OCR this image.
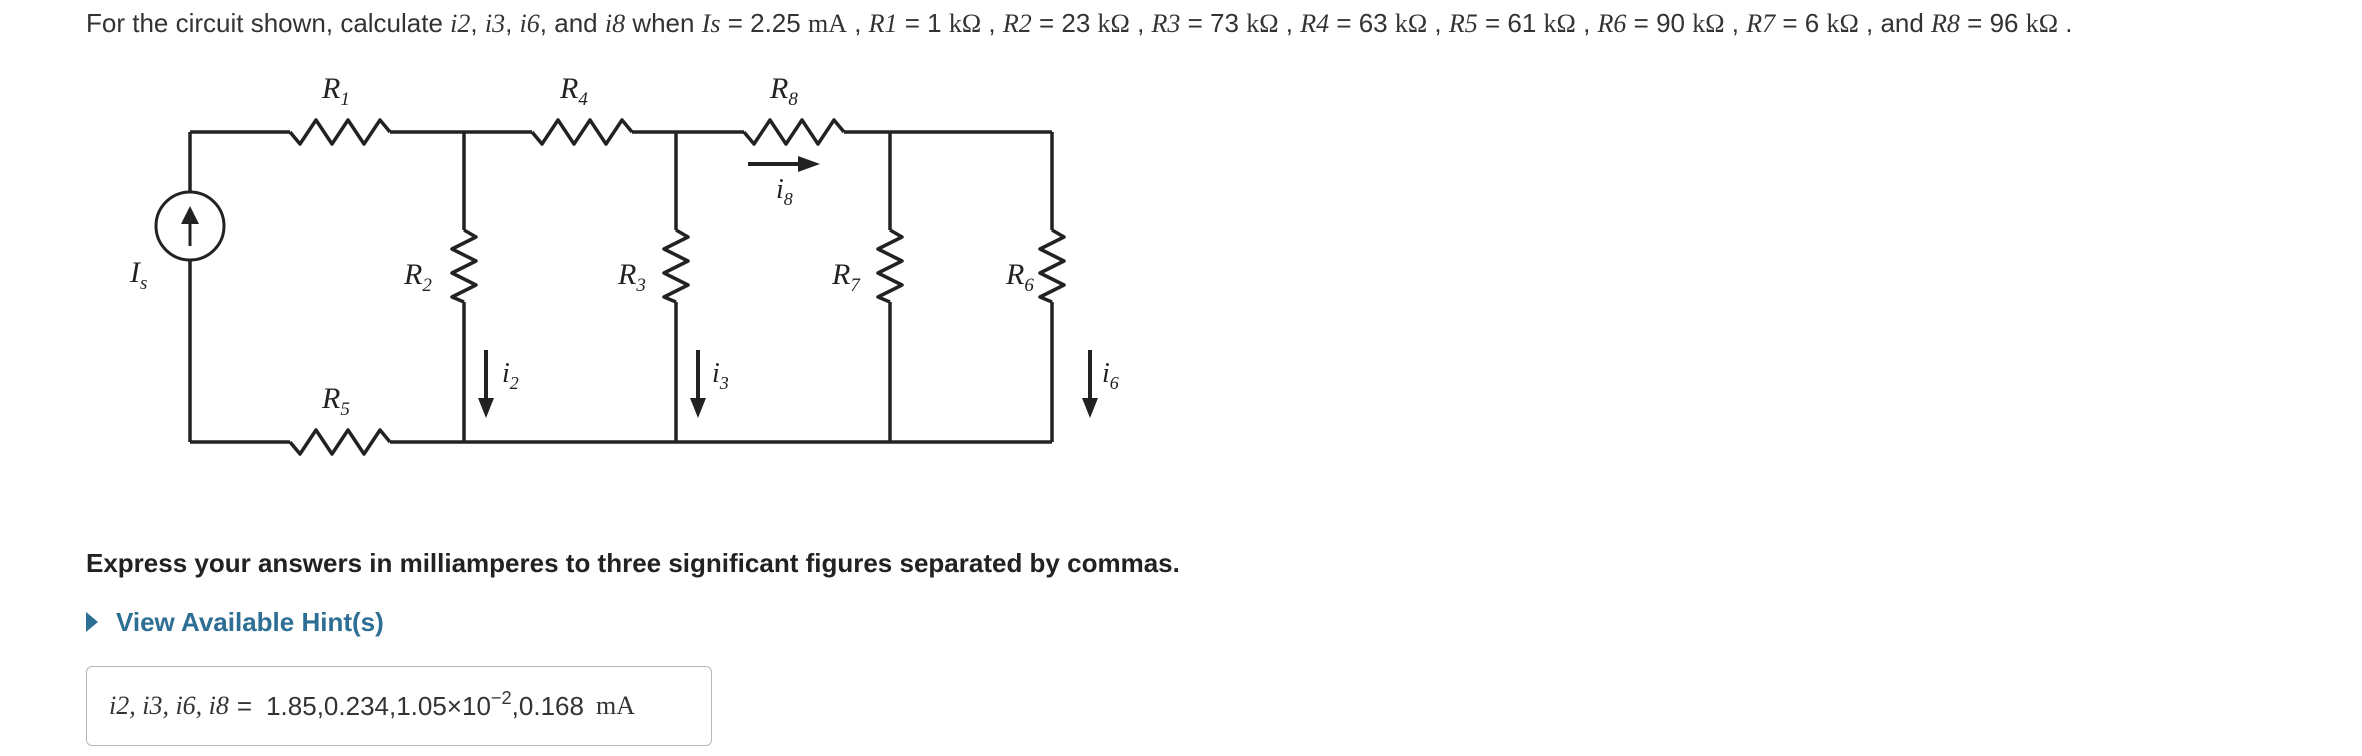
For the circuit shown, calculate i2, i3, i6, and i8 when Is = 2.25 mA , R1 = 1 kΩ , R2 = 23 kΩ , R3 = 73 kΩ , R4 = 63 kΩ , R5 = 61 kΩ , R6 = 90 kΩ , R7 = 6 kΩ , and R8 = 96 kΩ .
$I_s$
$R_1$	$R_4$	$R_8$
$i_8$
$R_2$	$R_3$	$R_7$	$R_6$
$R_5$
$i_2$	$i_3$	$i_6$
Express your answers in milliamperes to three significant figures separated by commas.
View Available Hint(s)
i2, i3, i6, $i8 = 1.85,0.234,1.05\times 10^{-2},0.168$ mA
